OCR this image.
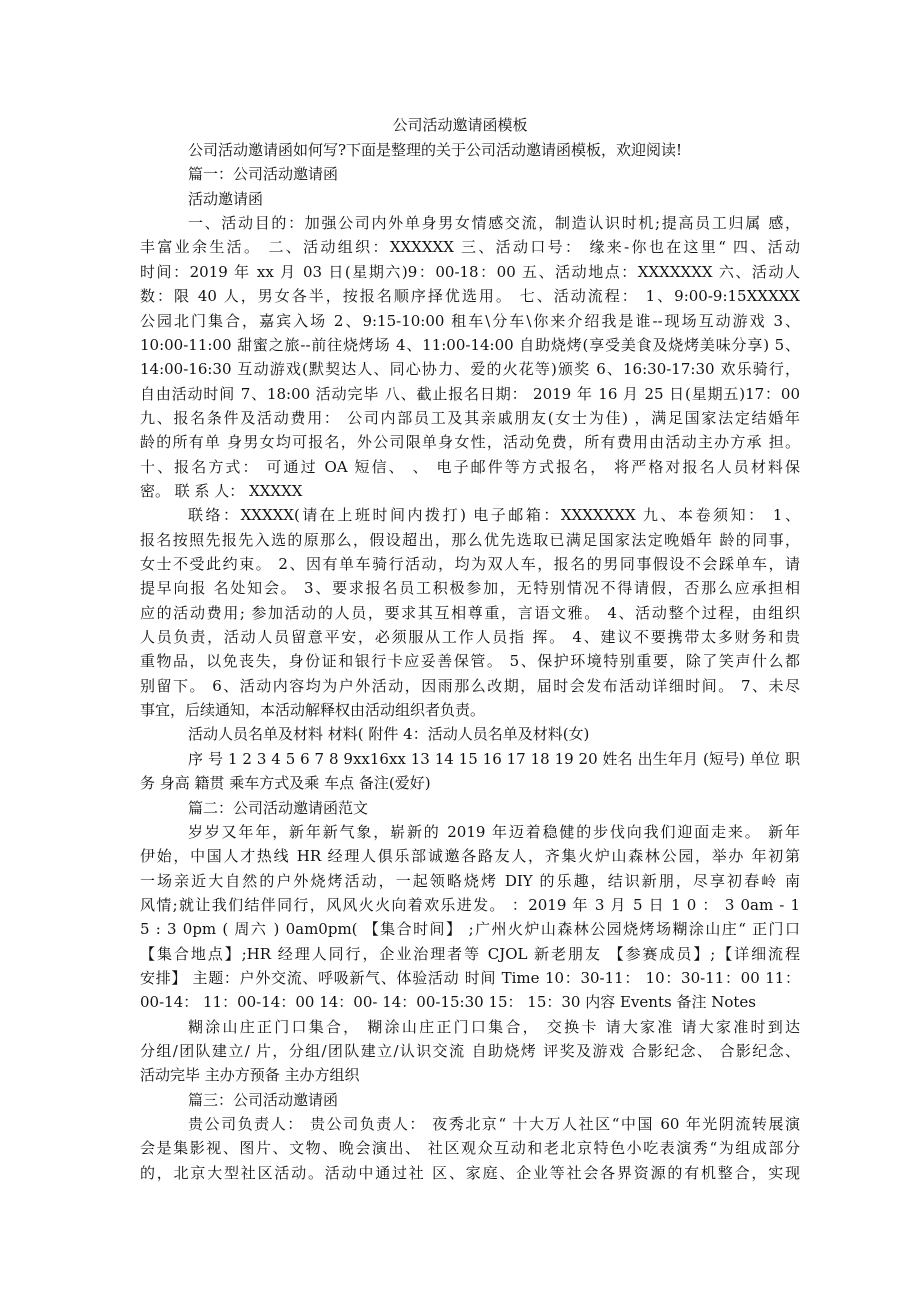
公司活动邀请函模板
公司活动邀请函如何写?下面是整理的关于公司活动邀请函模板，欢迎阅读!
篇一：公司活动邀请函
活动邀请函
一、活动目的：加强公司内外单身男女情感交流，制造认识时机;提高员工归属 感，
丰富业余生活。 二、活动组织：XXXXXX 三、活动口号： 缘来-你也在这里“ 四、活动
时间：2019 年 xx 月 03 日(星期六)9：00-18：00 五、活动地点：XXXXXXX 六、活动人
数：限 40 人，男女各半，按报名顺序择优选用。 七、活动流程： 1、9:00-9:15XXXXX
公园北门集合，嘉宾入场 2、9:15-10:00 租车\分车\你来介绍我是谁--现场互动游戏 3、
10:00-11:00 甜蜜之旅--前往烧烤场 4、11:00-14:00 自助烧烤(享受美食及烧烤美味分享) 5、
14:00-16:30 互动游戏(默契达人、同心协力、爱的火花等)颁奖 6、16:30-17:30 欢乐骑行，
自由活动时间 7、18:00 活动完毕 八、截止报名日期： 2019 年 16 月 25 日(星期五)17：00
九、报名条件及活动费用： 公司内部员工及其亲戚朋友(女士为佳) ，满足国家法定结婚年
龄的所有单 身男女均可报名，外公司限单身女性，活动免费，所有费用由活动主办方承 担。
十、报名方式： 可通过 OA 短信、 、 电子邮件等方式报名， 将严格对报名人员材料保
密。 联 系 人： XXXXX
联络：XXXXX(请在上班时间内拨打) 电子邮箱：XXXXXXX 九、本卷须知： 1、
报名按照先报先入选的原那么，假设超出，那么优先选取已满足国家法定晚婚年 龄的同事，
女士不受此约束。 2、因有单车骑行活动，均为双人车，报名的男同事假设不会踩单车，请
提早向报 名处知会。 3、要求报名员工积极参加，无特别情况不得请假，否那么应承担相
应的活动费用; 参加活动的人员，要求其互相尊重，言语文雅。 4、活动整个过程，由组织
人员负责，活动人员留意平安，必须服从工作人员指 挥。 4、建议不要携带太多财务和贵
重物品，以免丧失，身份证和银行卡应妥善保管。 5、保护环境特别重要，除了笑声什么都
别留下。 6、活动内容均为户外活动，因雨那么改期，届时会发布活动详细时间。 7、未尽
事宜，后续通知，本活动解释权由活动组织者负责。
活动人员名单及材料 材料( 附件 4：活动人员名单及材料(女)
序 号 1 2 3 4 5 6 7 8 9xx16xx 13 14 15 16 17 18 19 20 姓名 出生年月 (短号) 单位 职
务 身高 籍贯 乘车方式及乘 车点 备注(爱好)
篇二：公司活动邀请函范文
岁岁又年年，新年新气象，崭新的 2019 年迈着稳健的步伐向我们迎面走来。 新年
伊始，中国人才热线 HR 经理人俱乐部诚邀各路友人，齐集火炉山森林公园，举办 年初第
一场亲近大自然的户外烧烤活动，一起领略烧烤 DIY 的乐趣，结识新朋，尽享初春岭 南
风情;就让我们结伴同行，风风火火向着欢乐进发。 ：2019 年 3 月 5 日 1 0 ： 3 0am - 1
5 : 3 0pm ( 周六 ) 0am0pm( 【集合时间】 ;广州火炉山森林公园烧烤场糊涂山庄“ 正门口
【集合地点】;HR 经理人同行，企业治理者等 CJOL 新老朋友 【参赛成员】;【详细流程
安排】 主题：户外交流、呼吸新气、体验活动 时间 Time 10：30-11： 10：30-11：00 11：
00-14： 11：00-14：00 14：00- 14：00-15:30 15： 15：30 内容 Events 备注 Notes
糊涂山庄正门口集合， 糊涂山庄正门口集合， 交换卡 请大家准 请大家准时到达
分组/团队建立/ 片，分组/团队建立/认识交流 自助烧烤 评奖及游戏 合影纪念、 合影纪念、
活动完毕 主办方预备 主办方组织
篇三：公司活动邀请函
贵公司负责人： 贵公司负责人： 夜秀北京“ 十大万人社区“中国 60 年光阴流转展演
会是集影视、图片、文物、晚会演出、 社区观众互动和老北京特色小吃表演秀“为组成部分
的，北京大型社区活动。活动中通过社 区、家庭、企业等社会各界资源的有机整合，实现
